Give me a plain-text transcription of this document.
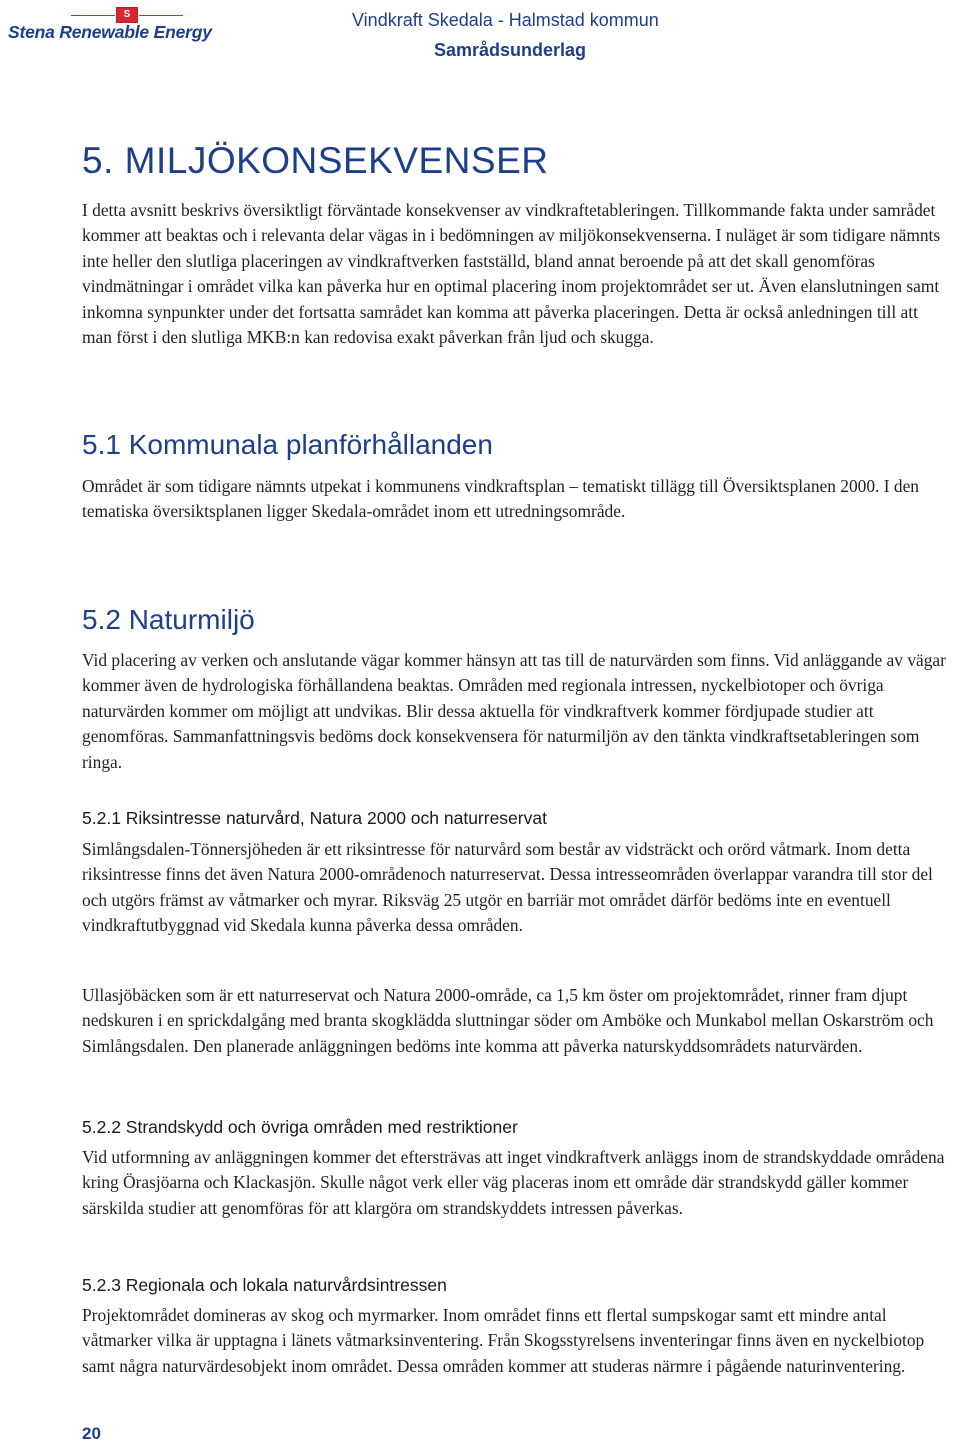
S
Stena Renewable Energy
Vindkraft Skedala - Halmstad kommun
Samrådsunderlag
5. MILJÖKONSEKVENSER

I detta avsnitt beskrivs översiktligt förväntade konsekvenser av vindkraftetableringen. Tillkommande fakta under samrådet kommer att beaktas och i relevanta delar vägas in i bedömningen av miljökonsekvenserna. I nuläget är som tidigare nämnts inte heller den slutliga placeringen av vindkraftverken fastställd, bland annat beroende på att det skall genomföras vindmätningar i området vilka kan påverka hur en optimal placering inom projektområdet ser ut. Även elanslutningen samt inkomna synpunkter under det fortsatta samrådet kan komma att påverka placeringen. Detta är också anledningen till att man först i den slutliga MKB:n kan redovisa exakt påverkan från ljud och skugga.

5.1 Kommunala planförhållanden

Området är som tidigare nämnts utpekat i kommunens vindkraftsplan – tematiskt tillägg till Översiktsplanen 2000. I den tematiska översiktsplanen ligger Skedala-området inom ett utredningsområde.

5.2 Naturmiljö

Vid placering av verken och anslutande vägar kommer hänsyn att tas till de naturvärden som finns. Vid anläggande av vägar kommer även de hydrologiska förhållandena beaktas. Områden med regionala intressen, nyckelbiotoper och övriga naturvärden kommer om möjligt att undvikas. Blir dessa aktuella för vindkraftverk kommer fördjupade studier att genomföras. Sammanfattningsvis bedöms dock konsekvensera för naturmiljön av den tänkta vindkraftsetableringen som ringa.

5.2.1 Riksintresse naturvård, Natura 2000 och naturreservat

Simlångsdalen-Tönnersjöheden är ett riksintresse för naturvård som består av vidsträckt och orörd våtmark. Inom detta riksintresse finns det även Natura 2000-områdenoch naturreservat. Dessa intresseområden överlappar varandra till stor del och utgörs främst av våtmarker och myrar. Riksväg 25 utgör en barriär mot området därför bedöms inte en eventuell vindkraftutbyggnad vid Skedala kunna påverka dessa områden.

Ullasjöbäcken som är ett naturreservat och Natura 2000-område, ca 1,5 km öster om projektområdet, rinner fram djupt nedskuren i en sprickdalgång med branta skogklädda sluttningar söder om Amböke och Munkabol mellan Oskarström och Simlångsdalen. Den planerade anläggningen bedöms inte komma att påverka naturskyddsområdets naturvärden.

5.2.2 Strandskydd och övriga områden med restriktioner

Vid utformning av anläggningen kommer det eftersträvas att inget vindkraftverk anläggs inom de strandskyddade områdena kring Örasjöarna och Klackasjön. Skulle något verk eller väg placeras inom ett område där strandskydd gäller kommer särskilda studier att genomföras för att klargöra om strandskyddets intressen påverkas.

5.2.3 Regionala och lokala naturvårdsintressen

Projektområdet domineras av skog och myrmarker. Inom området finns ett flertal sumpskogar samt ett mindre antal våtmarker vilka är upptagna i länets våtmarksinventering. Från Skogsstyrelsens inventeringar finns även en nyckelbiotop samt några naturvärdesobjekt inom området. Dessa områden kommer att studeras närmre i pågående naturinventering.

20
